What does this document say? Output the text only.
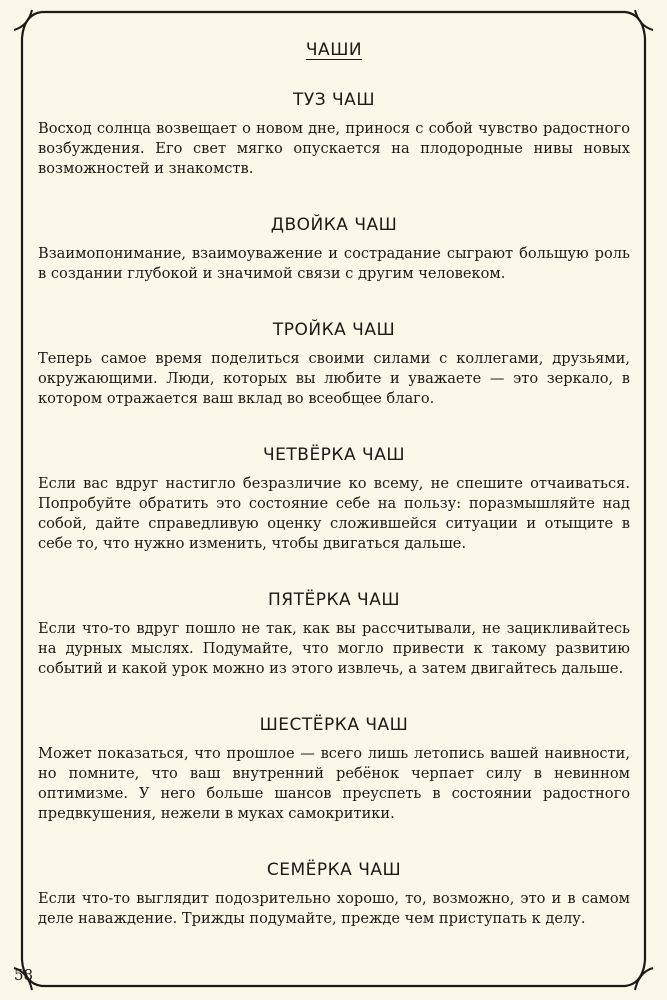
ЧАШИ
ТУЗ ЧАШ

Восход солнца возвещает о новом дне, принося с собой чувство радостного возбуждения. Его свет мягко опускается на плодородные нивы новых возможностей и знакомств.

ДВОЙКА ЧАШ

Взаимопонимание, взаимоуважение и сострадание сыграют большую роль в создании глубокой и значимой связи с другим человеком.

ТРОЙКА ЧАШ

Теперь самое время поделиться своими силами с коллегами, друзьями, окружающими. Люди, которых вы любите и уважаете — это зеркало, в котором отражается ваш вклад во всеобщее благо.

ЧЕТВЁРКА ЧАШ

Если вас вдруг настигло безразличие ко всему, не спешите отчаиваться. Попробуйте обратить это состояние себе на пользу: поразмышляйте над собой, дайте справедливую оценку сложившейся ситуации и отыщите в себе то, что нужно изменить, чтобы двигаться дальше.

ПЯТЁРКА ЧАШ

Если что-то вдруг пошло не так, как вы рассчитывали, не зацикливайтесь на дурных мыслях. Подумайте, что могло привести к такому развитию событий и какой урок можно из этого извлечь, а затем двигайтесь дальше.

ШЕСТЁРКА ЧАШ

Может показаться, что прошлое — всего лишь летопись вашей наивности, но помните, что ваш внутренний ребёнок черпает силу в невинном оптимизме. У него больше шансов преуспеть в состоянии радостного предвкушения, нежели в муках самокритики.

СЕМЁРКА ЧАШ

Если что-то выглядит подозрительно хорошо, то, возможно, это и в самом деле наваждение. Трижды подумайте, прежде чем приступать к делу.

58
